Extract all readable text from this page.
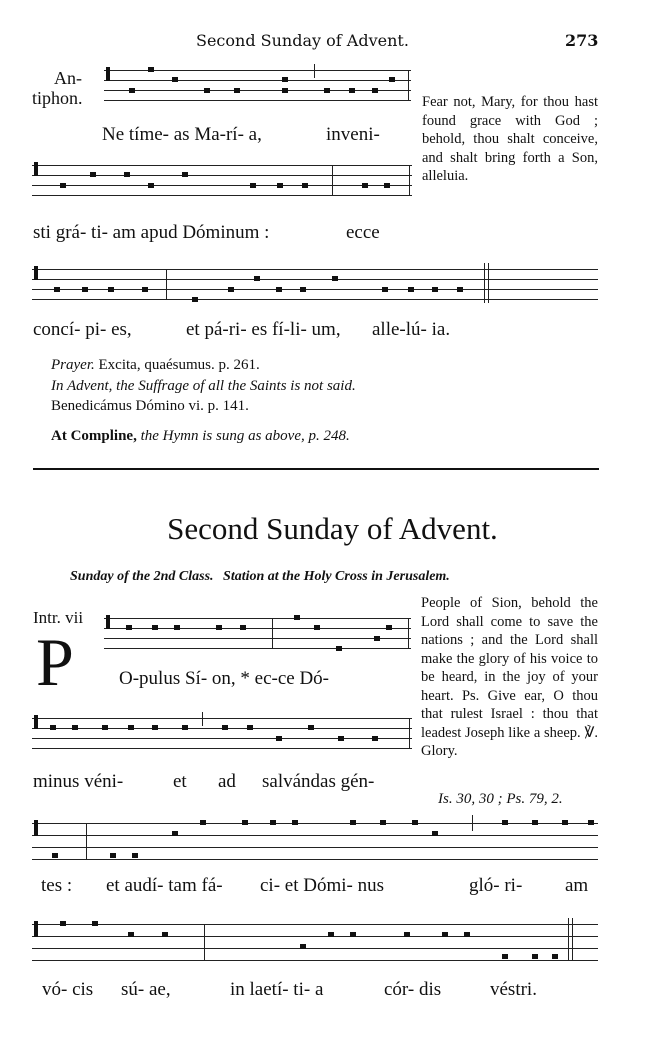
Second Sunday of Advent.	273
An-
tiphon.
Ne tíme- as Ma-rí- a,	inveni-
Fear not, Mary, for thou hast found grace with God ; behold, thou shalt conceive, and shalt bring forth a Son, alleluia.
sti grá- ti- am apud Dóminum :	ecce
concí- pi- es,	et pá-ri- es fí-li- um, alle-lú- ia.
Prayer. Excita, quaésumus. p. 261.
In Advent, the Suffrage of all the Saints is not said.
Benedicámus Dómino vi. p. 141.
At Compline, the Hymn is sung as above, p. 248.
Second Sunday of Advent.
Sunday of the 2nd Class. Station at the Holy Cross in Jerusalem.
Intr. vii
P O-pulus Sí- on, * ec-ce Dó-
People of Sion, behold the Lord shall come to save the nations ; and the Lord shall make the glory of his voice to be heard, in the joy of your heart. Ps. Give ear, O thou that rulest Israel : thou that leadest Joseph like a sheep. ℣. Glory.
Is. 30, 30 ; Ps. 79, 2.
minus véni-	et ad salvándas gén-
tes : et audí- tam fá- ci- et Dómi- nus	gló- ri- am
vó- cis sú- ae,	in laetí- ti- a	cór- dis	véstri.
